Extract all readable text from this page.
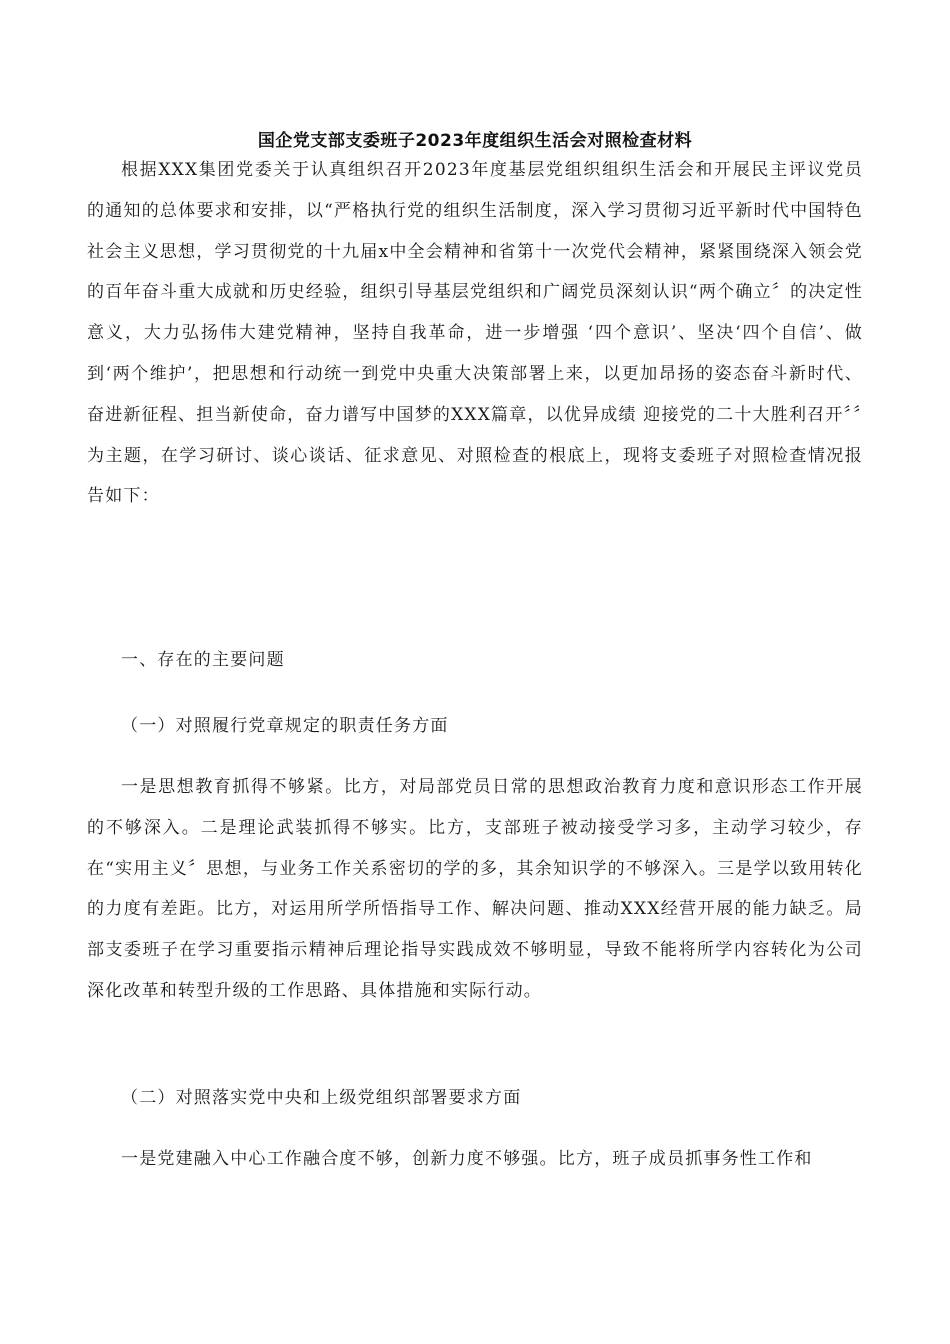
国企党支部支委班子2023年度组织生活会对照检查材料

根据XXX集团党委关于认真组织召开2023年度基层党组织组织生活会和开展民主评议党员的通知的总体要求和安排，以“严格执行党的组织生活制度，深入学习贯彻习近平新时代中国特色社会主义思想，学习贯彻党的十九届x中全会精神和省第十一次党代会精神，紧紧围绕深入领会党的百年奋斗重大成就和历史经验，组织引导基层党组织和广阔党员深刻认识“两个确立〞的决定性意义，大力弘扬伟大建党精神，坚持自我革命，进一步增强 ‘四个意识’、坚决‘四个自信’、做到‘两个维护’，把思想和行动统一到党中央重大决策部署上来，以更加昂扬的姿态奋斗新时代、 奋进新征程、担当新使命，奋力谱写中国梦的XXX篇章，以优异成绩 迎接党的二十大胜利召开〞〞为主题，在学习研讨、谈心谈话、征求意见、对照检查的根底上，现将支委班子对照检查情况报告如下：

一、存在的主要问题

（一）对照履行党章规定的职责任务方面

一是思想教育抓得不够紧。比方，对局部党员日常的思想政治教育力度和意识形态工作开展的不够深入。二是理论武装抓得不够实。比方，支部班子被动接受学习多，主动学习较少，存在“实用主义〞思想，与业务工作关系密切的学的多，其余知识学的不够深入。三是学以致用转化的力度有差距。比方，对运用所学所悟指导工作、解决问题、推动XXX经营开展的能力缺乏。局部支委班子在学习重要指示精神后理论指导实践成效不够明显，导致不能将所学内容转化为公司深化改革和转型升级的工作思路、具体措施和实际行动。

（二）对照落实党中央和上级党组织部署要求方面

一是党建融入中心工作融合度不够，创新力度不够强。比方，班子成员抓事务性工作和
